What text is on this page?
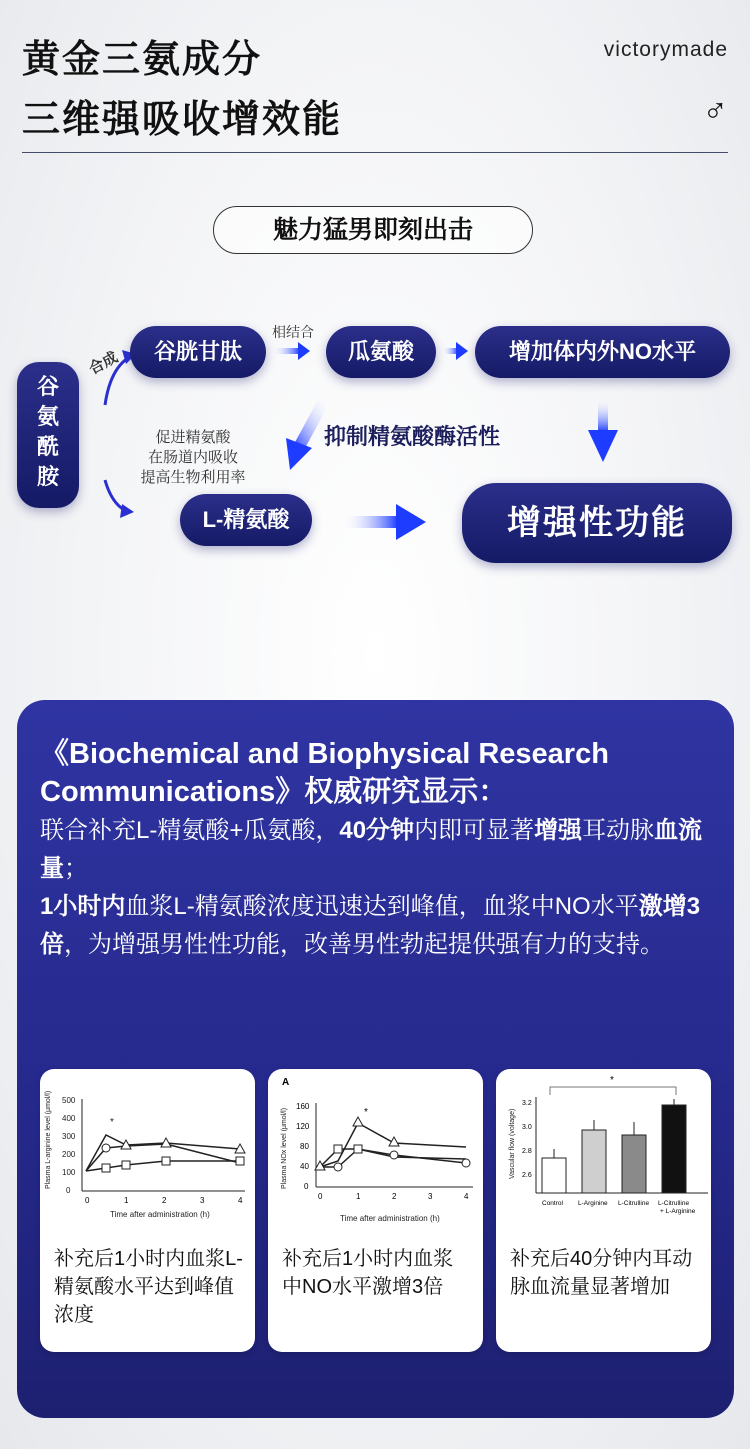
黄金三氨成分
三维强吸收增效能
victorymade
♂
魅力猛男即刻出击
谷
氨
酰
胺
合成	谷胱甘肽
相结合
瓜氨酸	增加体内外NO水平
抑制精氨酸酶活性
促进精氨酸
在肠道内吸收
提高生物利用率
L-精氨酸	增强性功能
《Biochemical and Biophysical Research
Communications》权威研究显示：
联合补充L-精氨酸+瓜氨酸，40分钟内即可显著增强耳动脉血流量；
1小时内血浆L-精氨酸浓度迅速达到峰值，血浆中NO水平激增3倍，为增强男性性功能，改善男性勃起提供强有力的支持。
Plasma L-arginine level (μmol/l) 500
400
300
200
100
0
*
0	1	2	3	4
Time after administration (h)
补充后1小时内血浆L-精氨酸水平达到峰值浓度
A
Plasma NOx level (μmol/l)
160
120
80
40
0
*
0	1	2	3	4
Time after administration (h)
补充后1小时内血浆中NO水平激增3倍
*
Vascular flow (voltage)
3.2
3.0
2.8
2.6
Control L-Arginine L-Citrulline L-Citrulline
+ L-Arginine
补充后40分钟内耳动脉血流量显著增加
